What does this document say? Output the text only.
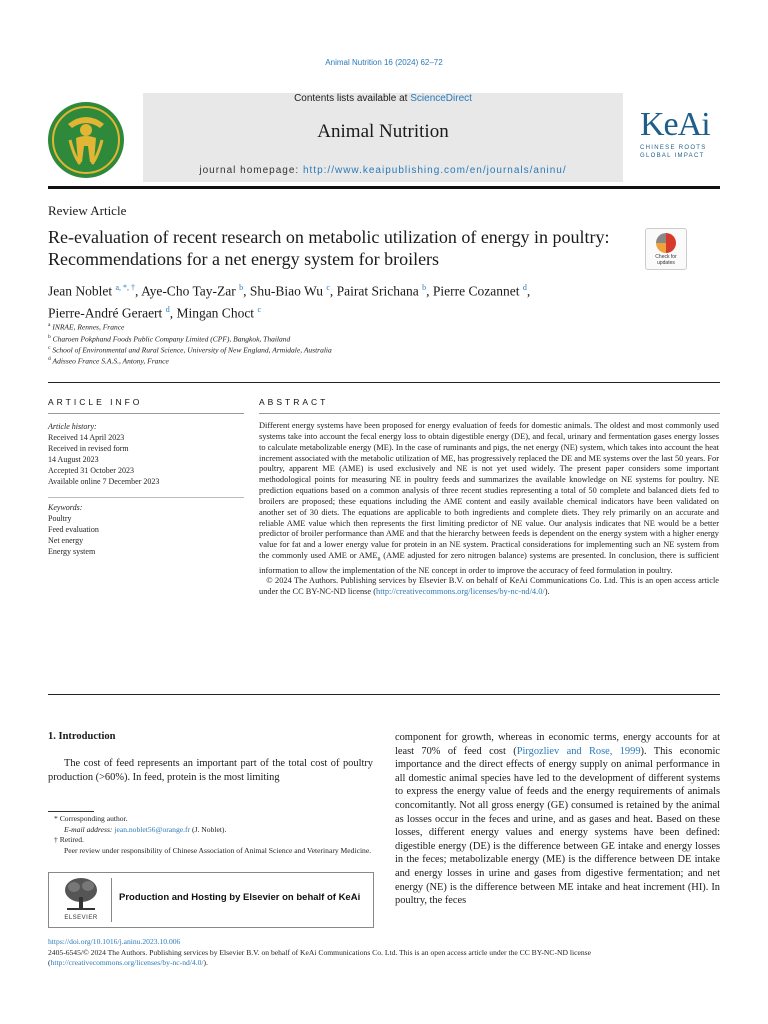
Animal Nutrition 16 (2024) 62–72
Contents lists available at ScienceDirect
Animal Nutrition
journal homepage: http://www.keaipublishing.com/en/journals/aninu/
KeAi
CHINESE ROOTS
GLOBAL IMPACT
Review Article
Re-evaluation of recent research on metabolic utilization of energy in poultry: Recommendations for a net energy system for broilers	Check for updates
Jean Noblet $^{a, *, \dagger}$, Aye-Cho Tay-Zar $^b$, Shu-Biao Wu $^c$, Pairat Srichana $^b$, Pierre Cozannet $^d$,
Pierre-André Geraert $^d$, Mingan Choct $^c$
$^a$ INRAE, Rennes, France
$^b$ Charoen Pokphand Foods Public Company Limited (CPF), Bangkok, Thailand
$^c$ School of Environmental and Rural Science, University of New England, Armidale, Australia
$^d$ Adisseo France S.A.S., Antony, France
ARTICLE INFO	ABSTRACT
Article history:
Received 14 April 2023
Received in revised form
14 August 2023
Accepted 31 October 2023
Available online 7 December 2023
Keywords:
Poultry
Feed evaluation
Net energy
Energy system

Different energy systems have been proposed for energy evaluation of feeds for domestic animals. The oldest and most commonly used systems take into account the fecal energy loss to obtain digestible energy (DE), and fecal, urinary and fermentation gases energy losses to calculate metabolizable energy (ME). In the case of ruminants and pigs, the net energy (NE) system, which takes into account the heat increment associated with the metabolic utilization of ME, has progressively replaced the DE and ME systems over the last 50 years. For poultry, apparent ME (AME) is used exclusively and NE is not yet used widely. The present paper considers some important methodological points for measuring NE in poultry feeds and summarizes the available knowledge on NE systems for poultry. NE prediction equations based on a common analysis of three recent studies representing a total of 50 complete and balanced diets fed to broilers are proposed; these equations including the AME content and easily available chemical indicators have been validated on another set of 30 diets. The equations are applicable to both ingredients and complete diets. They rely primarily on an accurate and reliable AME value which then represents the first limiting predictor of NE value. Our analysis indicates that NE would be a better predictor of broiler performance than AME and that the hierarchy between feeds is dependent on the energy system with a higher energy value for fat and a lower energy value for protein in an NE system. Practical considerations for implementing such an NE system from the commonly used AME or $AME_n$ (AME adjusted for zero nitrogen balance) systems are presented. In conclusion, there is sufficient information to allow the implementation of the NE concept in order to improve the accuracy of feed formulation in poultry.

© 2024 The Authors. Publishing services by Elsevier B.V. on behalf of KeAi Communications Co. Ltd. This is an open access article under the CC BY-NC-ND license (http://creativecommons.org/licenses/by-nc-nd/4.0/).

1. Introduction

The cost of feed represents an important part of the total cost of poultry production (>60%). In feed, protein is the most limiting

component for growth, whereas in economic terms, energy accounts for at least 70% of feed cost (Pirgozliev and Rose, 1999). This economic importance and the direct effects of energy supply on animal performance in all domestic animal species have led to the development of different systems to express the energy value of feeds and the energy requirements of animals concomitantly. Not all gross energy (GE) consumed is retained by the animal as losses occur in the feces and urine, and as gases and heat. Based on these losses, different energy values and energy systems have been defined: digestible energy (DE) is the difference between GE intake and energy losses in the feces; metabolizable energy (ME) is the difference between DE intake and energy losses in urine and gases from digestive fermentation; and net energy (NE) is the difference between ME intake and heat increment (HI). In poultry, the feces

* Corresponding author.
E-mail address: jean.noblet56@orange.fr (J. Noblet).
† Retired.
Peer review under responsibility of Chinese Association of Animal Science and Veterinary Medicine.
ELSEVIER
Production and Hosting by Elsevier on behalf of KeAi
https://doi.org/10.1016/j.aninu.2023.10.006
2405-6545/© 2024 The Authors. Publishing services by Elsevier B.V. on behalf of KeAi Communications Co. Ltd. This is an open access article under the CC BY-NC-ND license
(http://creativecommons.org/licenses/by-nc-nd/4.0/).
